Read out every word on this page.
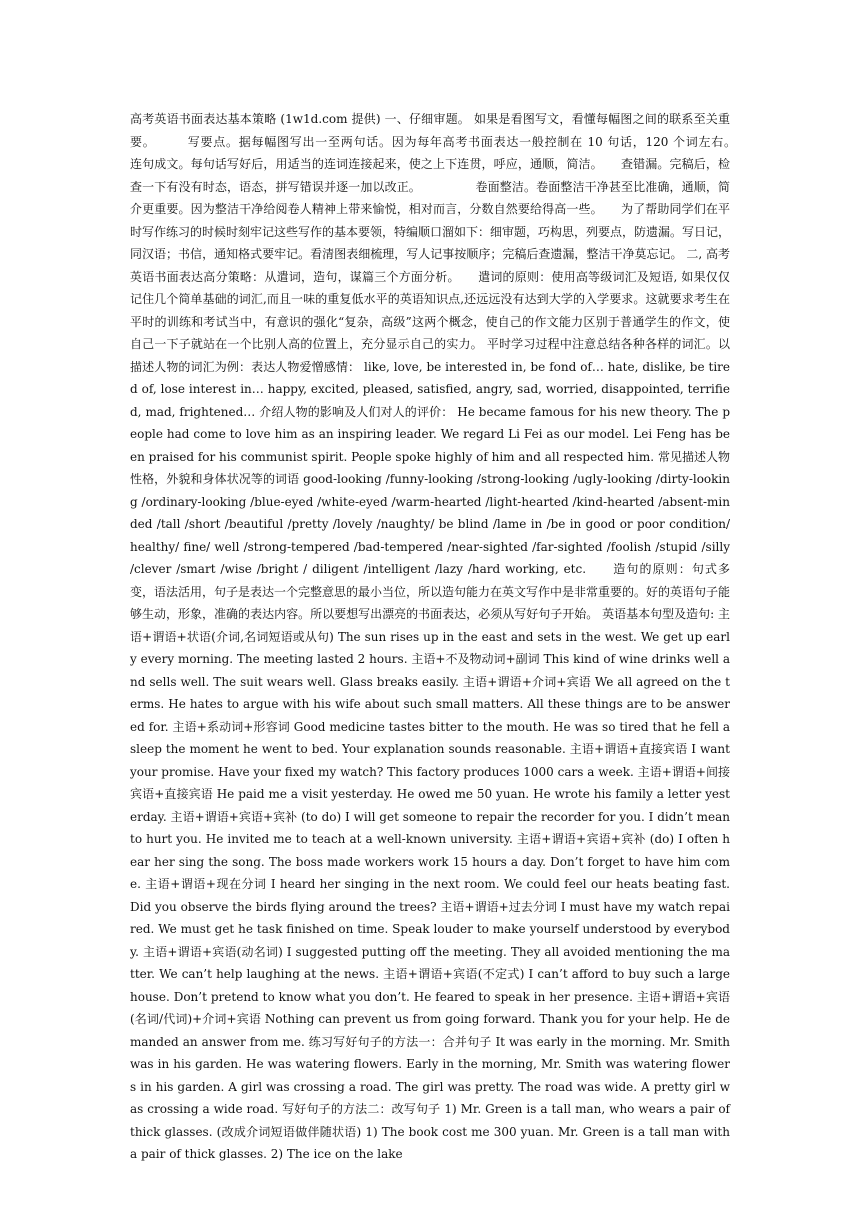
高考英语书面表达基本策略 (1w1d.com 提供) 一、仔细审题。 如果是看图写文，看懂每幅图之间的联系至关重要。　　　写要点。据每幅图写出一至两句话。因为每年高考书面表达一般控制在 10 句话，120 个词左右。　　连句成文。每句话写好后，用适当的连词连接起来，使之上下连贯，呼应，通顺，简洁。　　查错漏。完稿后，检查一下有没有时态，语态，拼写错误并逐一加以改正。　　　　　卷面整洁。卷面整洁干净甚至比准确，通顺，简介更重要。因为整洁干净给阅卷人精神上带来愉悦，相对而言，分数自然要给得高一些。　　为了帮助同学们在平时写作练习的时候时刻牢记这些写作的基本要领，特编顺口溜如下：细审题，巧构思，列要点，防遗漏。写日记，同汉语；书信，通知格式要牢记。看清图表细梳理，写人记事按顺序；完稿后查遗漏，整洁干净莫忘记。 二, 高考英语书面表达高分策略：从遣词，造句，谋篇三个方面分析。　　遣词的原则：使用高等级词汇及短语, 如果仅仅记住几个简单基础的词汇,而且一味的重复低水平的英语知识点,还远远没有达到大学的入学要求。这就要求考生在平时的训练和考试当中，有意识的强化“复杂，高级”这两个概念，使自己的作文能力区别于普通学生的作文，使自己一下子就站在一个比别人高的位置上，充分显示自己的实力。 平时学习过程中注意总结各种各样的词汇。以描述人物的词汇为例：表达人物爱憎感情： like, love, be interested in, be fond of… hate, dislike, be tired of, lose interest in… happy, excited, pleased, satisfied, angry, sad, worried, disappointed, terrified, mad, frightened… 介绍人物的影响及人们对人的评价： He became famous for his new theory. The people had come to love him as an inspiring leader. We regard Li Fei as our model. Lei Feng has been praised for his communist spirit. People spoke highly of him and all respected him. 常见描述人物性格，外貌和身体状况等的词语 good-looking /funny-looking /strong-looking /ugly-looking /dirty-looking /ordinary-looking /blue-eyed /white-eyed /warm-hearted /light-hearted /kind-hearted /absent-minded /tall /short /beautiful /pretty /lovely /naughty/ be blind /lame in /be in good or poor condition/ healthy/ fine/ well /strong-tempered /bad-tempered /near-sighted /far-sighted /foolish /stupid /silly /clever /smart /wise /bright / diligent /intelligent /lazy /hard working, etc.　　造句的原则：句式多变，语法活用，句子是表达一个完整意思的最小当位，所以造句能力在英文写作中是非常重要的。好的英语句子能够生动，形象，准确的表达内容。所以要想写出漂亮的书面表达，必须从写好句子开始。 英语基本句型及造句: 主语+谓语+状语(介词,名词短语或从句) The sun rises up in the east and sets in the west. We get up early every morning. The meeting lasted 2 hours. 主语+不及物动词+副词 This kind of wine drinks well and sells well. The suit wears well. Glass breaks easily. 主语+谓语+介词+宾语 We all agreed on the terms. He hates to argue with his wife about such small matters. All these things are to be answered for. 主语+系动词+形容词 Good medicine tastes bitter to the mouth. He was so tired that he fell asleep the moment he went to bed. Your explanation sounds reasonable. 主语+谓语+直接宾语 I want your promise. Have your fixed my watch? This factory produces 1000 cars a week. 主语+谓语+间接宾语+直接宾语 He paid me a visit yesterday. He owed me 50 yuan. He wrote his family a letter yesterday. 主语+谓语+宾语+宾补 (to do) I will get someone to repair the recorder for you. I didn’t mean to hurt you. He invited me to teach at a well-known university. 主语+谓语+宾语+宾补 (do) I often hear her sing the song. The boss made workers work 15 hours a day. Don’t forget to have him come. 主语+谓语+现在分词 I heard her singing in the next room. We could feel our heats beating fast. Did you observe the birds flying around the trees? 主语+谓语+过去分词 I must have my watch repaired. We must get he task finished on time. Speak louder to make yourself understood by everybody. 主语+谓语+宾语(动名词) I suggested putting off the meeting. They all avoided mentioning the matter. We can’t help laughing at the news. 主语+谓语+宾语(不定式) I can’t afford to buy such a large house. Don’t pretend to know what you don’t. He feared to speak in her presence. 主语+谓语+宾语(名词/代词)+介词+宾语 Nothing can prevent us from going forward. Thank you for your help. He demanded an answer from me. 练习写好句子的方法一：合并句子 It was early in the morning. Mr. Smith was in his garden. He was watering flowers. Early in the morning, Mr. Smith was watering flowers in his garden. A girl was crossing a road. The girl was pretty. The road was wide. A pretty girl was crossing a wide road. 写好句子的方法二：改写句子 1) Mr. Green is a tall man, who wears a pair of thick glasses. (改成介词短语做伴随状语) 1) The book cost me 300 yuan. Mr. Green is a tall man with a pair of thick glasses. 2) The ice on the lake
